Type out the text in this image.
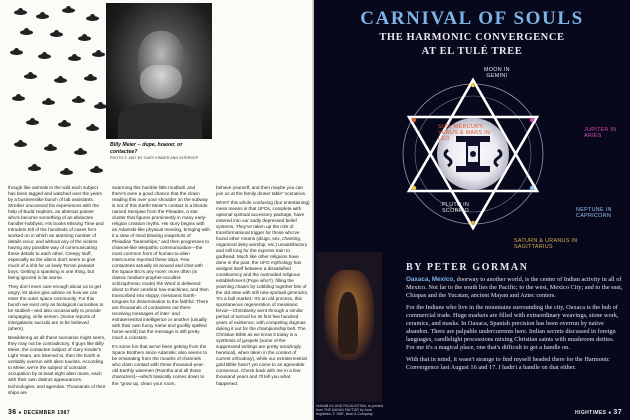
Billy Meier -- dupe, hoaxer, or contactee?
PHOTO © 1987 BY GARY KINDER AND INTERCEP

though like animals in the wild each subject has been tagged and watched over the years by a businesslike bunch of lab assistants. Streiber uncovered his experiences with the help of Budd Hopkins, an abstract painter who's become something of an abductee handler-hobbyist. His books Missing Time and Intruders tell of the hundreds of cases he's worked on in which an alarming number of details recur, and without any of the victims having any possible way of communicating these details to each other. Creepy stuff, especially as the aliens don't seem to give much of a shit for us lowly Terran peasant boys. Getting a spanking is one thing, but being ignored is far worse.

They don't even care enough about us to get angry; let alone give advice on how we can enter the outer space community. For this bunch we exist only as biological curiosities to be studied—and also occasionally to provide rampaging, virile semen. (Some reports of intergalactic succubi are to be believed (ahem).

Bewildering as all these scenarios might seem, they may not be contradictory. If guys like Billy Meier, the contactee subject of Gary Kinder's Light Years, are listened to, then the Earth is veritably overrun with alien tourists. According to Meier, we're the subject of constant occupation by at least eight alien races, each with their own distinct appearances, technologies, and agendas. Thousands of their ships are

swarming this humble little mudball, and there's even a good chance that the clown reading this over your shoulder on the subway is not of this Earth! Meier's contact is a blonde named Semjase from the Pleiades, a star cluster that figures prominently in many early-religion creation myths. His story begins with an Adamski-like physical meeting, bringing with it a slew of mind blowing snapshots of Pleiadian "beamships," and then progresses to channel-like telepathic communication—the most common form of human-to-alien intercourse reported these days. Few contactees actually sit around and chat with the Space Bro's any more; more often (in classic medium-prophet-occultist-schizophrenic mode) the Word is delivered direct to their cerebral hav-machines, and then transcribed into sloppy, messianic Earth-tongues for dissemination to the faithful. There are thousands of contactees out there receiving messages of inter- and extraterrestrial intelligence or another (usually with their own funny name and goofily spelled home world) but the message is still pretty much a constant.

It's some fun that we've been getting from the Space Brothers since Adamski: also seems to be emanating from the mouths of channels who claim contact with these thousand-year-old Earthly wisemen (Ramtha and all those characters)—which basically comes down to the "grow up, clean your room,

behave yourself, and then maybe you can join us at the family dinner table" scenarios.

WHAT this whole confusing (but entertaining) mess means is that UFOs, complete with optional spiritual accessory package, have entered into our sadly depressed belief systems. They've taken up the role of transformational trigger for those who've found other means (drugs, sex, chanting, organized deity worship, etc.) unsatisfactory and still long for the express train to godhead. Much like other religions have done in the past, the UFO mythology has wedged itself between a dissatisfied constituency and the outmoded religious establishment (Pope who?), filling the yearning chasm by cobbling together bits of the old stew with still new spiritual gimmicks. 'It's a bull market.' It's an old process, this spontaneous regeneration of messianic fervor—Christianity went through a similar period of turmoil for its first few hundred years of existence, with competing dogmas duking it out for the championship belt. The Christian Bible as we know it today is a synthesis of gospels (some of the suppressed writings are pretty amazingly heretical), when taken in the context of current orthodoxy), while our extraterrestrial gold Bible hasn't yet come to an agreeable consensus. Check back with me in a few thousand years and I'll tell you what happened.

36 ● DECEMBER 1987
CARNIVAL OF SOULS
THE HARMONIC CONVERGENCE
AT EL TULÉ TREE
MOON IN
GEMINI
SUN, MERCURY,
VENUS & MARS IN
LEO
JUPITER IN
ARIES
PLUTO IN
SCORPIO	NEPTUNE IN
CAPRICORN
SATURN & URANUS IN
SAGITTARIUS
HUNAB KU AND PACALVOTAN, re-printed from THE MAYAN FACTOR by José Argüelles. © 1987, Bear & Company.
BY PETER GORMAN

Oaxaca, Mexico, doorway to another world, is the center of Indian activity in all of Mexico. Not far to the south lies the Pacific; to the west, Mexico City; and to the east, Chiapas and the Yucatan, ancient Mayan and Aztec centers.

For the Indians who live in the mountains surrounding the city, Oaxaca is the hub of commercial trade. Huge markets are filled with extraordinary weavings, stone work, ceramics, and masks. In Oaxaca, Spanish precision has been overrun by native abandon. There are palpable undercurrents here. Indian secrets discussed in foreign languages, candlelight processions mixing Christian saints with mushroom deities. For me it's a magical place, one that's difficult to get a handle on.

With that in mind, it wasn't strange to find myself headed there for the Harmonic Convergence last August 16 and 17. I hadn't a handle on that either.

HIGHTIMES ● 37
